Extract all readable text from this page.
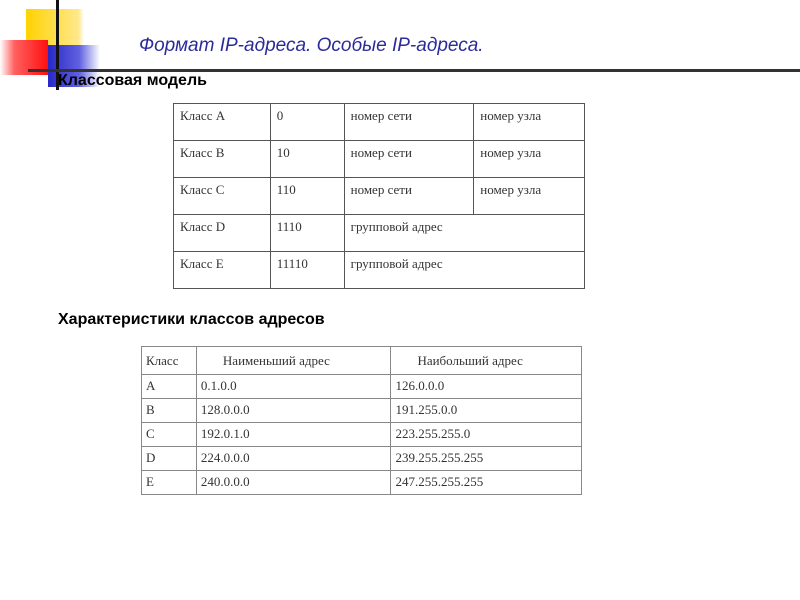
Формат IP-адреса. Особые IP-адреса.
Классовая модель
Класс A	0	номер сети	номер узла
Класс B	10	номер сети	номер узла
Класс C	110	номер сети	номер узла
Класс D	1110	групповой адрес	
Класс E	11110	групповой адрес	
Характеристики классов адресов
Класс	Наименьший адрес	Наибольший адрес
A	0.1.0.0	126.0.0.0
B	128.0.0.0	191.255.0.0
C	192.0.1.0	223.255.255.0
D	224.0.0.0	239.255.255.255
E	240.0.0.0	247.255.255.255
